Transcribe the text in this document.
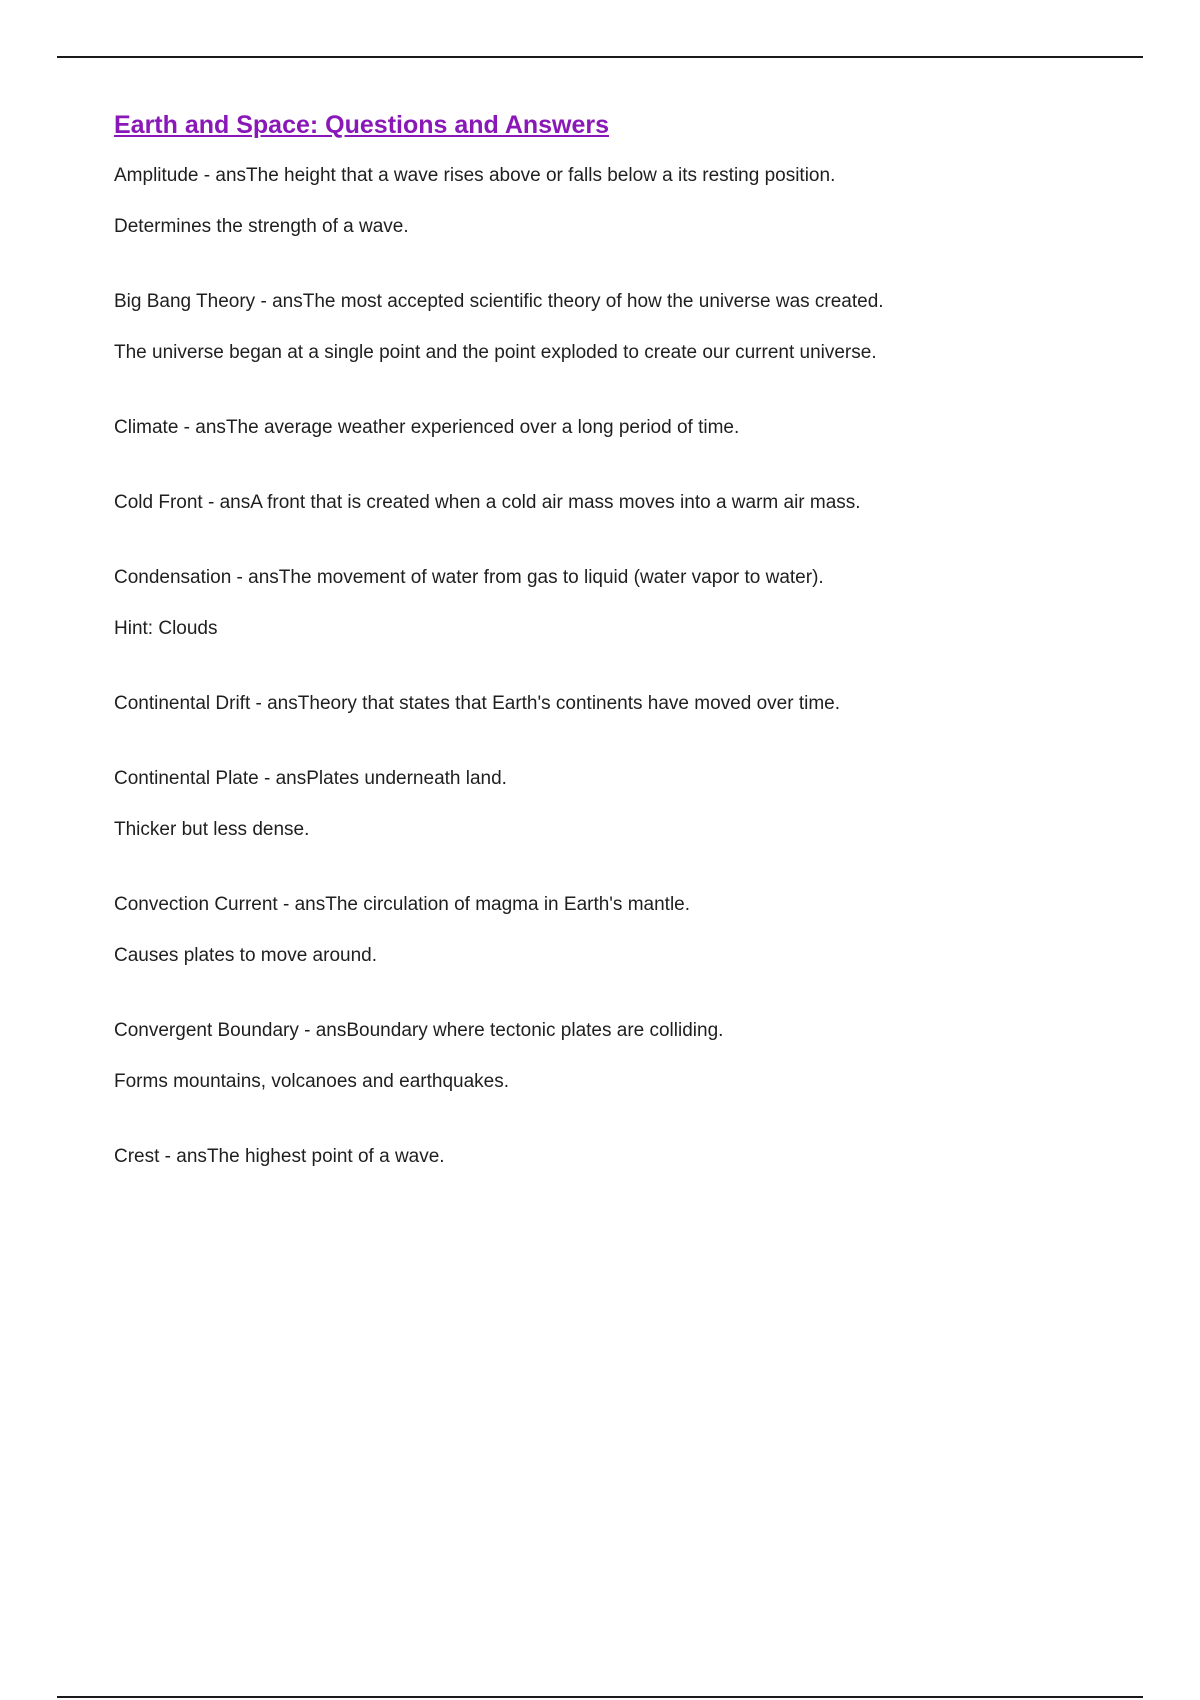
Earth and Space: Questions and Answers

Amplitude - ans	The height that a wave rises above or falls below a its resting position.

Determines the strength of a wave.

Big Bang Theory - ans	The most accepted scientific theory of how the universe was created.

The universe began at a single point and the point exploded to create our current universe.

Climate - ans	The average weather experienced over a long period of time.

Cold Front - ans	A front that is created when a cold air mass moves into a warm air mass.

Condensation - ans	The movement of water from gas to liquid (water vapor to water).

Hint: Clouds

Continental Drift - ans	Theory that states that Earth's continents have moved over time.

Continental Plate - ans	Plates underneath land.

Thicker but less dense.

Convection Current - ans	The circulation of magma in Earth's mantle.

Causes plates to move around.

Convergent Boundary - ans	Boundary where tectonic plates are colliding.

Forms mountains, volcanoes and earthquakes.

Crest - ans	The highest point of a wave.
